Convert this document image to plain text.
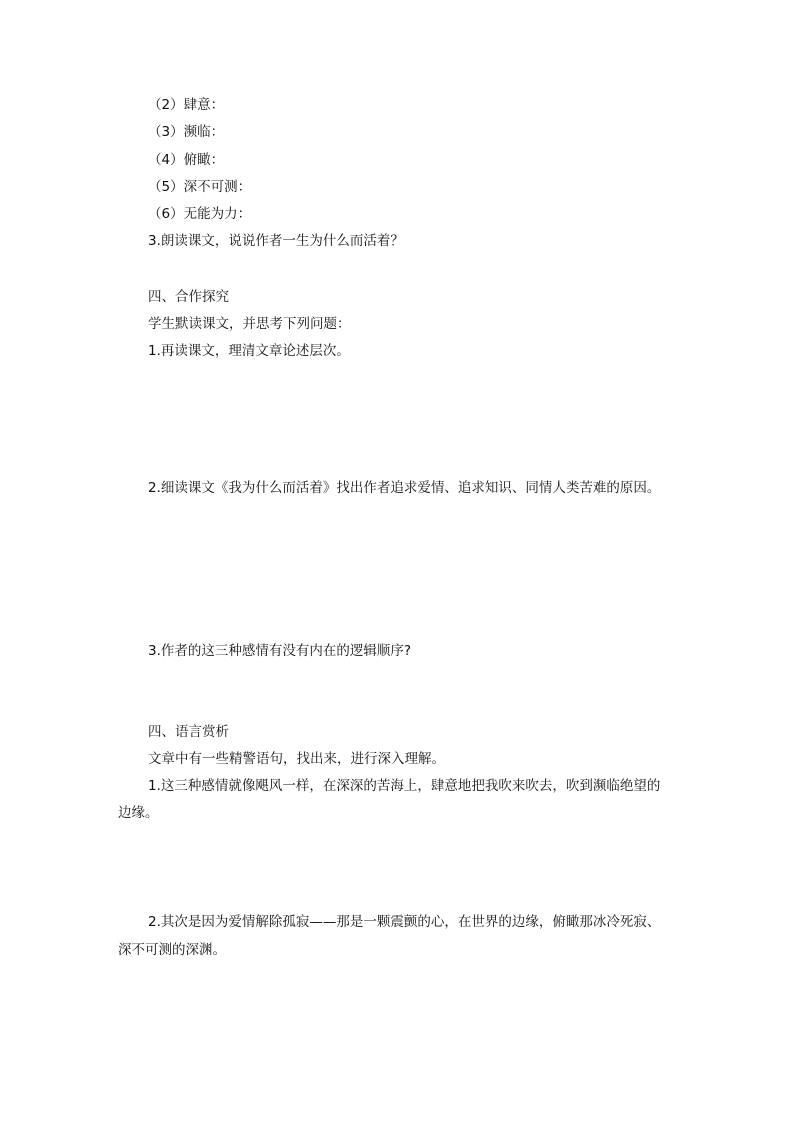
（2）肆意：
（3）濒临：
（4）俯瞰：
（5）深不可测：
（6）无能为力：
3.朗读课文，说说作者一生为什么而活着？
四、合作探究
学生默读课文，并思考下列问题：
1.再读课文，理清文章论述层次。
2.细读课文《我为什么而活着》找出作者追求爱情、追求知识、同情人类苦难的原因。
3.作者的这三种感情有没有内在的逻辑顺序?
四、语言赏析
文章中有一些精警语句，找出来，进行深入理解。
1.这三种感情就像飓风一样，在深深的苦海上，肆意地把我吹来吹去，吹到濒临绝望的
边缘。
2.其次是因为爱情解除孤寂——那是一颗震颤的心，在世界的边缘，俯瞰那冰冷死寂、
深不可测的深渊。
